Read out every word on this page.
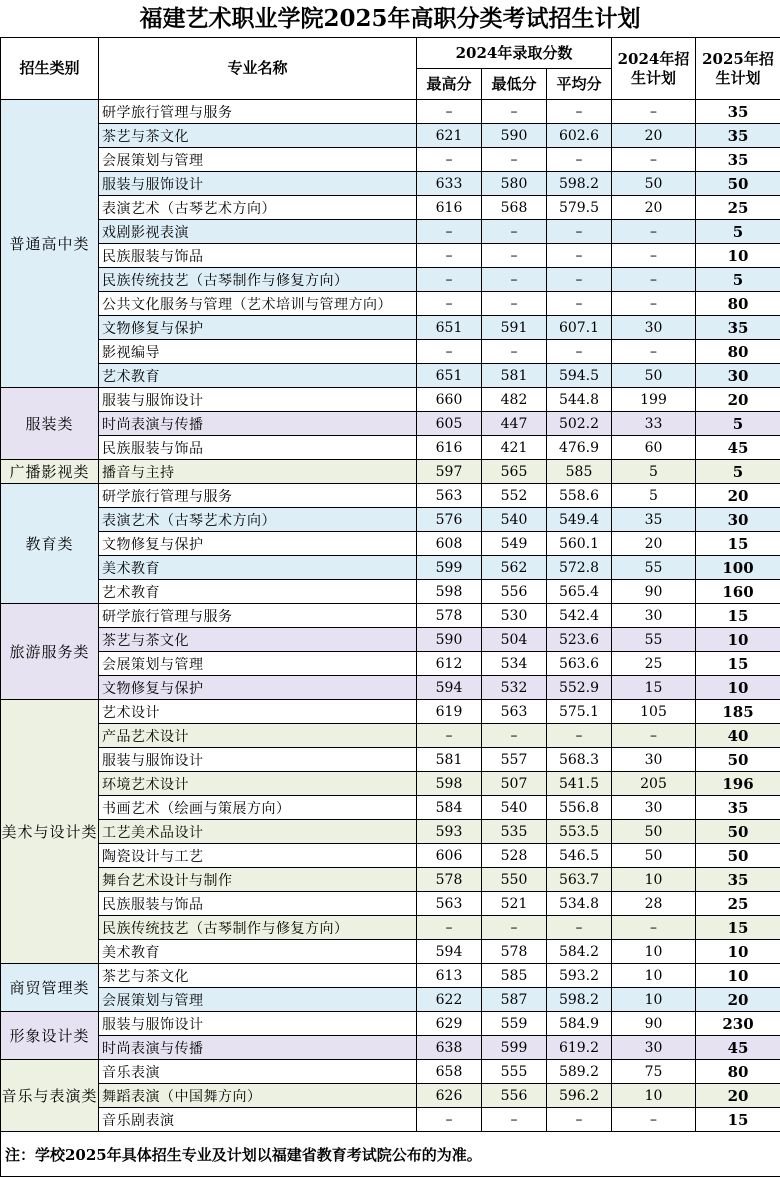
福建艺术职业学院2025年高职分类考试招生计划
招生类别	专业名称	2024年录取分数			2024年招生计划	2025年招生计划
		最高分	最低分	平均分		
普通高中类	研学旅行管理与服务	–	–	–	–	35
	茶艺与茶文化	621	590	602.6	20	35
	会展策划与管理	–	–	–	–	35
	服装与服饰设计	633	580	598.2	50	50
	表演艺术（古琴艺术方向）	616	568	579.5	20	25
	戏剧影视表演	–	–	–	–	5
	民族服装与饰品	–	–	–	–	10
	民族传统技艺（古琴制作与修复方向）	–	–	–	–	5
	公共文化服务与管理（艺术培训与管理方向）	–	–	–	–	80
	文物修复与保护	651	591	607.1	30	35
	影视编导	–	–	–	–	80
	艺术教育	651	581	594.5	50	30
服装类	服装与服饰设计	660	482	544.8	199	20
	时尚表演与传播	605	447	502.2	33	5
	民族服装与饰品	616	421	476.9	60	45
广播影视类	播音与主持	597	565	585	5	5
教育类	研学旅行管理与服务	563	552	558.6	5	20
	表演艺术（古琴艺术方向）	576	540	549.4	35	30
	文物修复与保护	608	549	560.1	20	15
	美术教育	599	562	572.8	55	100
	艺术教育	598	556	565.4	90	160
旅游服务类	研学旅行管理与服务	578	530	542.4	30	15
	茶艺与茶文化	590	504	523.6	55	10
	会展策划与管理	612	534	563.6	25	15
	文物修复与保护	594	532	552.9	15	10
美术与设计类	艺术设计	619	563	575.1	105	185
	产品艺术设计	–	–	–	–	40
	服装与服饰设计	581	557	568.3	30	50
	环境艺术设计	598	507	541.5	205	196
	书画艺术（绘画与策展方向）	584	540	556.8	30	35
	工艺美术品设计	593	535	553.5	50	50
	陶瓷设计与工艺	606	528	546.5	50	50
	舞台艺术设计与制作	578	550	563.7	10	35
	民族服装与饰品	563	521	534.8	28	25
	民族传统技艺（古琴制作与修复方向）	–	–	–	–	15
	美术教育	594	578	584.2	10	10
商贸管理类	茶艺与茶文化	613	585	593.2	10	10
	会展策划与管理	622	587	598.2	10	20
形象设计类	服装与服饰设计	629	559	584.9	90	230
	时尚表演与传播	638	599	619.2	30	45
音乐与表演类	音乐表演	658	555	589.2	75	80
	舞蹈表演（中国舞方向）	626	556	596.2	10	20
	音乐剧表演	–	–	–	–	15
注：学校2025年具体招生专业及计划以福建省教育考试院公布的为准。						
